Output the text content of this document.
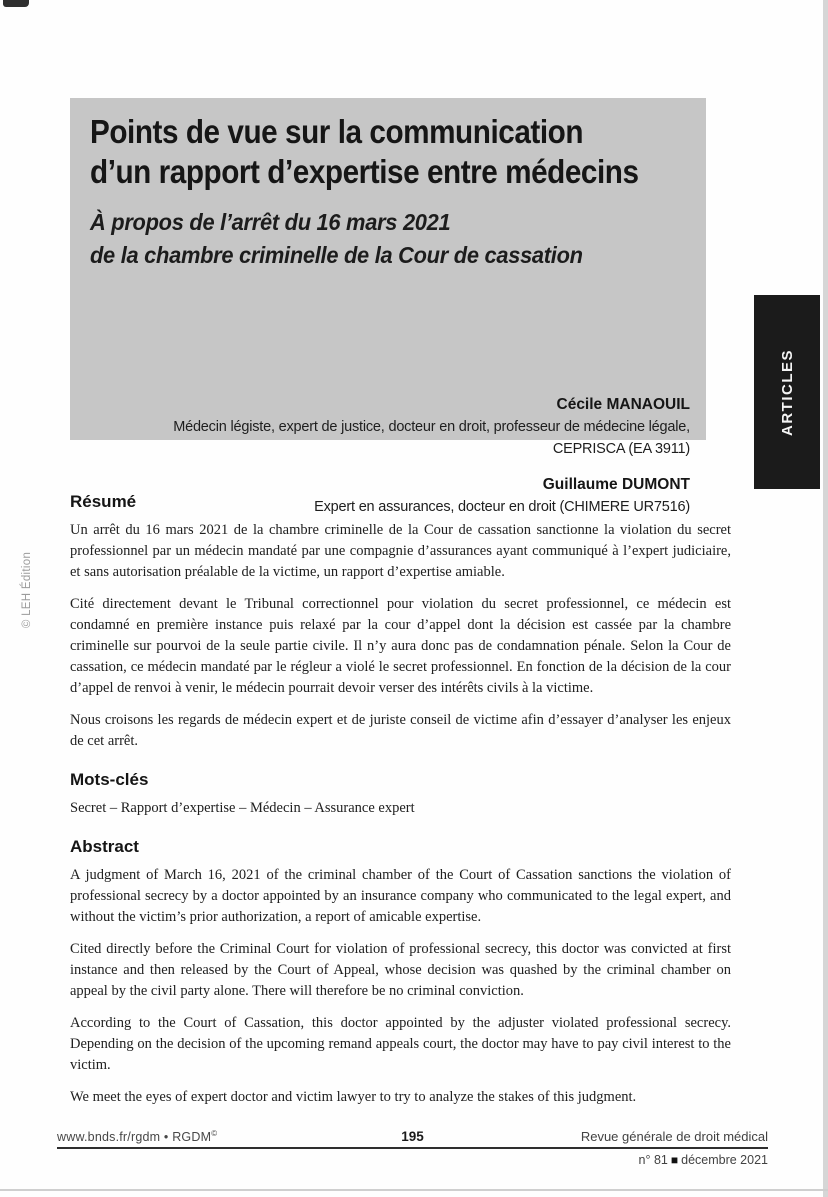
Points de vue sur la communication
d’un rapport d’expertise entre médecins
À propos de l’arrêt du 16 mars 2021
de la chambre criminelle de la Cour de cassation
Cécile MANAOUIL
Médecin légiste, expert de justice, docteur en droit, professeur de médecine légale,
CEPRISCA (EA 3911)
Guillaume DUMONT
Expert en assurances, docteur en droit (CHIMERE UR7516)
ARTICLES
© LEH Édition
Résumé

Un arrêt du 16 mars 2021 de la chambre criminelle de la Cour de cassation sanctionne la violation du secret professionnel par un médecin mandaté par une compagnie d’assurances ayant communiqué à l’expert judiciaire, et sans autorisation préalable de la victime, un rapport d’expertise amiable.

Cité directement devant le Tribunal correctionnel pour violation du secret professionnel, ce médecin est condamné en première instance puis relaxé par la cour d’appel dont la décision est cassée par la chambre criminelle sur pourvoi de la seule partie civile. Il n’y aura donc pas de condamnation pénale. Selon la Cour de cassation, ce médecin mandaté par le régleur a violé le secret professionnel. En fonction de la décision de la cour d’appel de renvoi à venir, le médecin pourrait devoir verser des intérêts civils à la victime.

Nous croisons les regards de médecin expert et de juriste conseil de victime afin d’essayer d’analyser les enjeux de cet arrêt.

Mots-clés

Secret – Rapport d’expertise – Médecin – Assurance expert

Abstract

A judgment of March 16, 2021 of the criminal chamber of the Court of Cassation sanctions the violation of professional secrecy by a doctor appointed by an insurance company who communicated to the legal expert, and without the victim’s prior authorization, a report of amicable expertise.

Cited directly before the Criminal Court for violation of professional secrecy, this doctor was convicted at first instance and then released by the Court of Appeal, whose decision was quashed by the criminal chamber on appeal by the civil party alone. There will therefore be no criminal conviction.

According to the Court of Cassation, this doctor appointed by the adjuster violated professional secrecy. Depending on the decision of the upcoming remand appeals court, the doctor may have to pay civil interest to the victim.

We meet the eyes of expert doctor and victim lawyer to try to analyze the stakes of this judgment.

www.bnds.fr/rgdm • RGDM©	195	Revue générale de droit médical
n° 81 ■ décembre 2021
